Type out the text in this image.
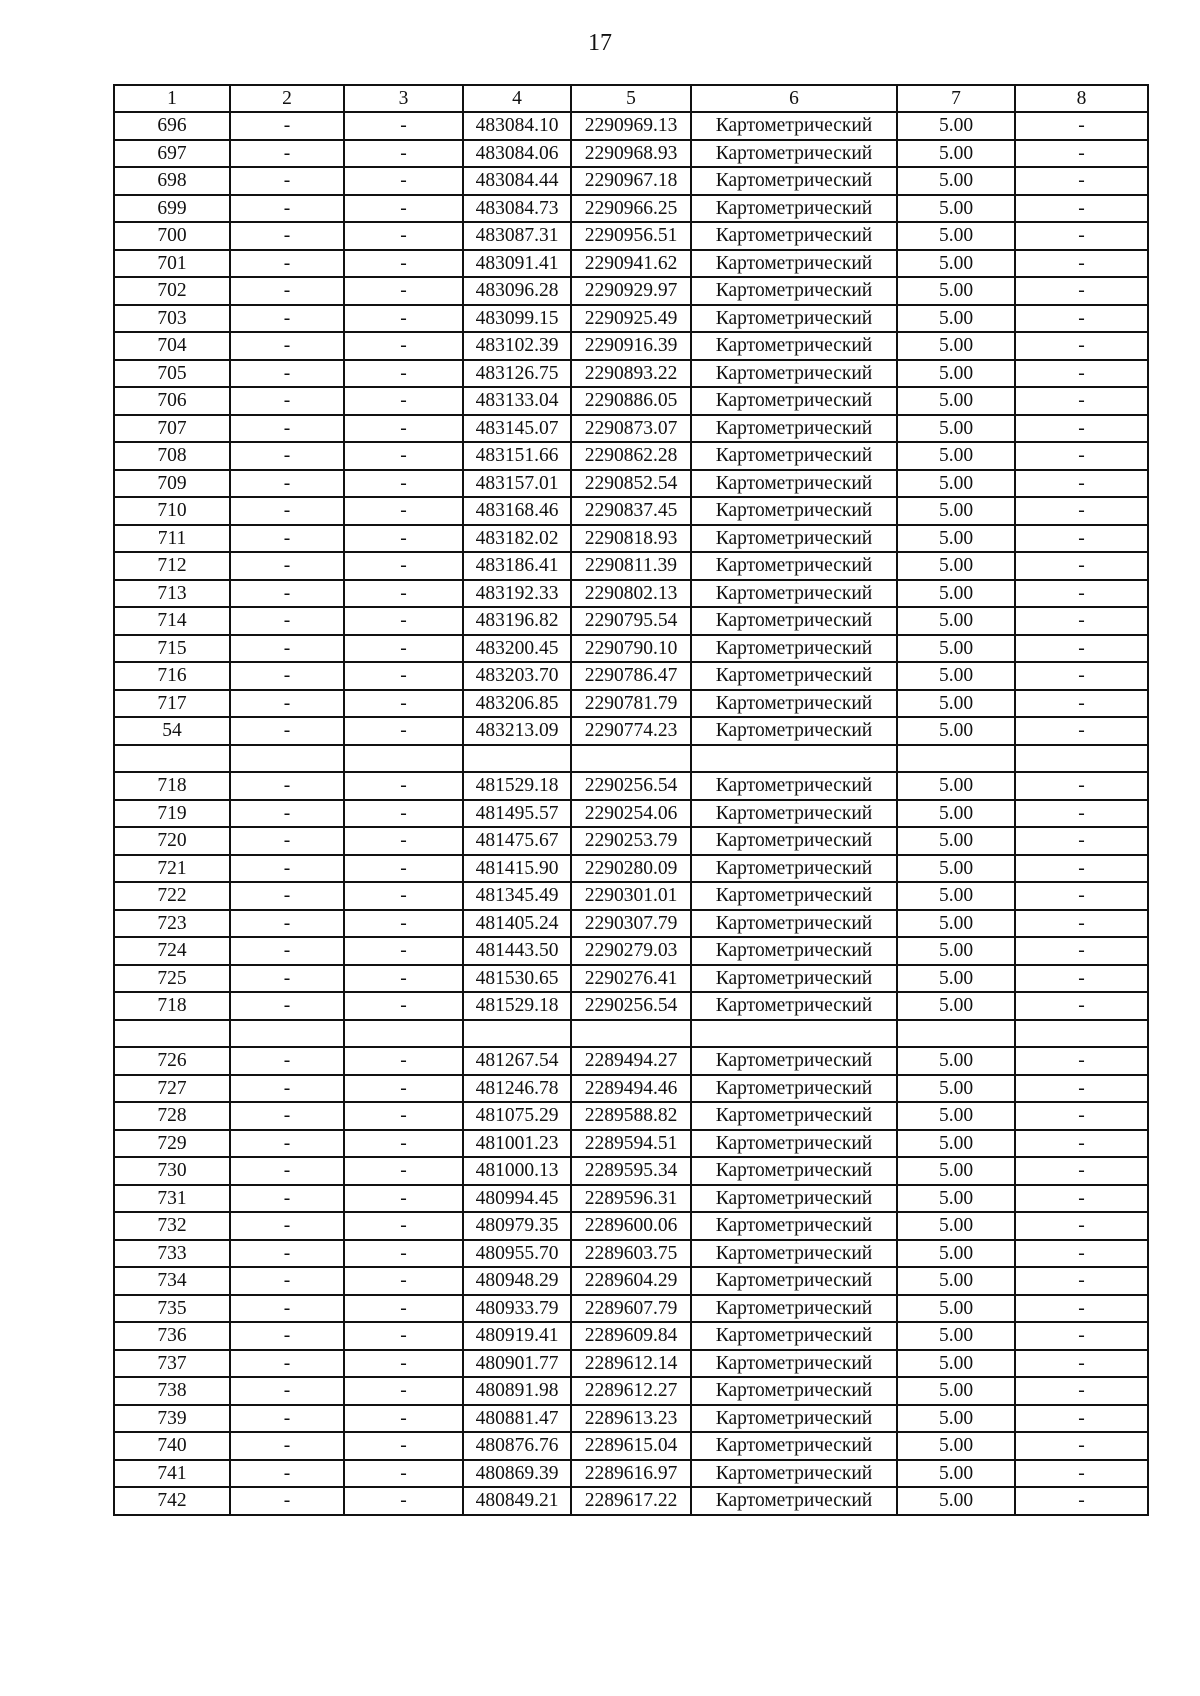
17
1	2	3	4	5	6	7	8
696	-	-	483084.10	2290969.13	Картометрический	5.00	-
697	-	-	483084.06	2290968.93	Картометрический	5.00	-
698	-	-	483084.44	2290967.18	Картометрический	5.00	-
699	-	-	483084.73	2290966.25	Картометрический	5.00	-
700	-	-	483087.31	2290956.51	Картометрический	5.00	-
701	-	-	483091.41	2290941.62	Картометрический	5.00	-
702	-	-	483096.28	2290929.97	Картометрический	5.00	-
703	-	-	483099.15	2290925.49	Картометрический	5.00	-
704	-	-	483102.39	2290916.39	Картометрический	5.00	-
705	-	-	483126.75	2290893.22	Картометрический	5.00	-
706	-	-	483133.04	2290886.05	Картометрический	5.00	-
707	-	-	483145.07	2290873.07	Картометрический	5.00	-
708	-	-	483151.66	2290862.28	Картометрический	5.00	-
709	-	-	483157.01	2290852.54	Картометрический	5.00	-
710	-	-	483168.46	2290837.45	Картометрический	5.00	-
711	-	-	483182.02	2290818.93	Картометрический	5.00	-
712	-	-	483186.41	2290811.39	Картометрический	5.00	-
713	-	-	483192.33	2290802.13	Картометрический	5.00	-
714	-	-	483196.82	2290795.54	Картометрический	5.00	-
715	-	-	483200.45	2290790.10	Картометрический	5.00	-
716	-	-	483203.70	2290786.47	Картометрический	5.00	-
717	-	-	483206.85	2290781.79	Картометрический	5.00	-
54	-	-	483213.09	2290774.23	Картометрический	5.00	-

718	-	-	481529.18	2290256.54	Картометрический	5.00	-
719	-	-	481495.57	2290254.06	Картометрический	5.00	-
720	-	-	481475.67	2290253.79	Картометрический	5.00	-
721	-	-	481415.90	2290280.09	Картометрический	5.00	-
722	-	-	481345.49	2290301.01	Картометрический	5.00	-
723	-	-	481405.24	2290307.79	Картометрический	5.00	-
724	-	-	481443.50	2290279.03	Картометрический	5.00	-
725	-	-	481530.65	2290276.41	Картометрический	5.00	-
718	-	-	481529.18	2290256.54	Картометрический	5.00	-

726	-	-	481267.54	2289494.27	Картометрический	5.00	-
727	-	-	481246.78	2289494.46	Картометрический	5.00	-
728	-	-	481075.29	2289588.82	Картометрический	5.00	-
729	-	-	481001.23	2289594.51	Картометрический	5.00	-
730	-	-	481000.13	2289595.34	Картометрический	5.00	-
731	-	-	480994.45	2289596.31	Картометрический	5.00	-
732	-	-	480979.35	2289600.06	Картометрический	5.00	-
733	-	-	480955.70	2289603.75	Картометрический	5.00	-
734	-	-	480948.29	2289604.29	Картометрический	5.00	-
735	-	-	480933.79	2289607.79	Картометрический	5.00	-
736	-	-	480919.41	2289609.84	Картометрический	5.00	-
737	-	-	480901.77	2289612.14	Картометрический	5.00	-
738	-	-	480891.98	2289612.27	Картометрический	5.00	-
739	-	-	480881.47	2289613.23	Картометрический	5.00	-
740	-	-	480876.76	2289615.04	Картометрический	5.00	-
741	-	-	480869.39	2289616.97	Картометрический	5.00	-
742	-	-	480849.21	2289617.22	Картометрический	5.00	-
